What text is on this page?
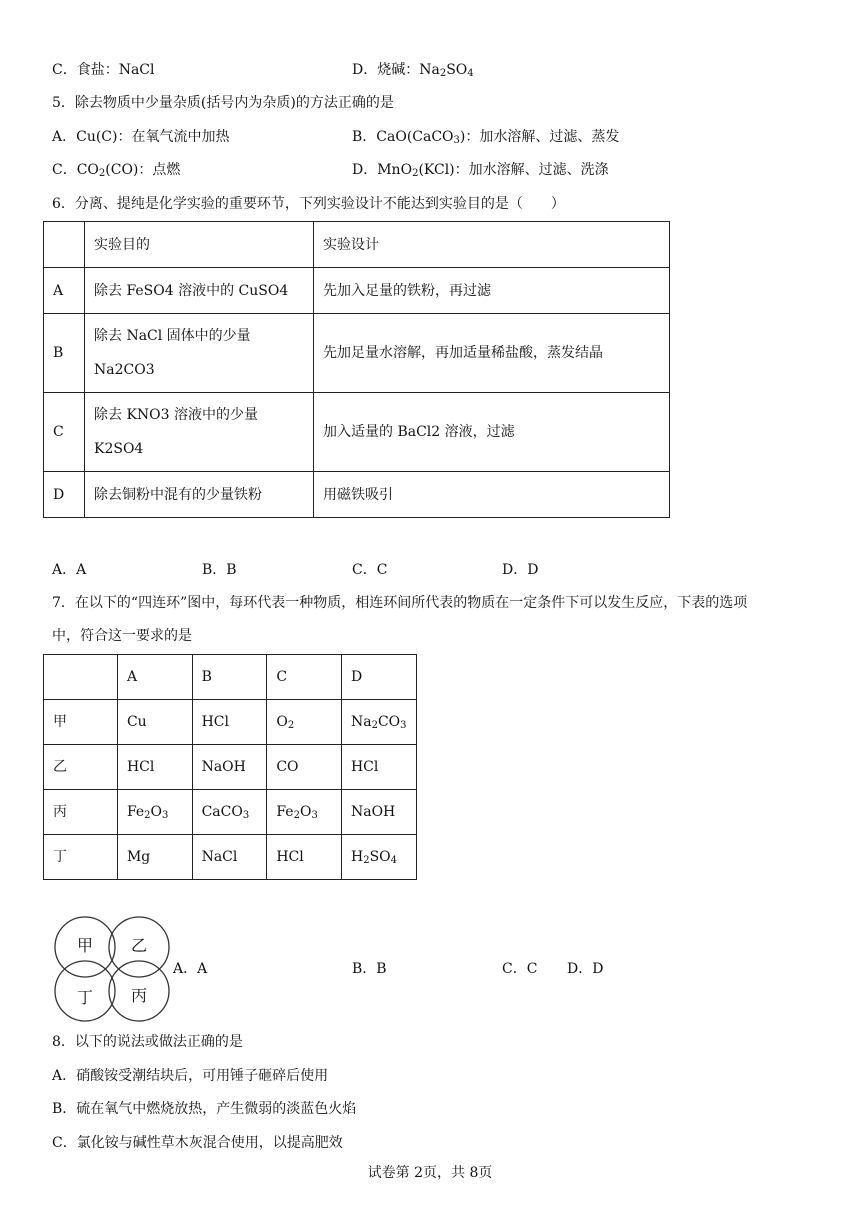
C．食盐：NaCl	D．烧碱：$Na_2SO_4$
5．除去物质中少量杂质(括号内为杂质)的方法正确的是
A．Cu(C)：在氧气流中加热	B．CaO(CaCO$_3$)：加水溶解、过滤、蒸发
C．$CO_2(CO)$：点燃	D．MnO$_2$(KCl)：加水溶解、过滤、洗涤
6．分离、提纯是化学实验的重要环节，下列实验设计不能达到实验目的是（　　）
	实验目的	实验设计
A	除去 FeSO4 溶液中的 CuSO4	先加入足量的铁粉，再过滤
B	除去 NaCl 固体中的少量
Na2CO3	先加足量水溶解，再加适量稀盐酸，蒸发结晶
C	除去 KNO3 溶液中的少量
K2SO4	加入适量的 BaCl2 溶液，过滤
D	除去铜粉中混有的少量铁粉	用磁铁吸引
A．A	B．B	C．C	D．D
7．在以下的“四连环”图中，每环代表一种物质，相连环间所代表的物质在一定条件下可以发生反应，下表的选项
中，符合这一要求的是
	A	B	C	D
甲	Cu	HCl	$O_2$	$Na_2CO_3$
乙	HCl	NaOH	CO	HCl
丙	$Fe_2O_3$	CaCO$_3$	$Fe_2O_3$	NaOH
丁	Mg	NaCl	HCl	$H_2SO_4$
甲 乙
丁 丙
A．A	B．B	C．C D．D
8．以下的说法或做法正确的是
A．硝酸铵受潮结块后，可用锤子砸碎后使用
B．硫在氧气中燃烧放热，产生微弱的淡蓝色火焰
C．氯化铵与碱性草木灰混合使用，以提高肥效
试卷第 2页，共 8页
